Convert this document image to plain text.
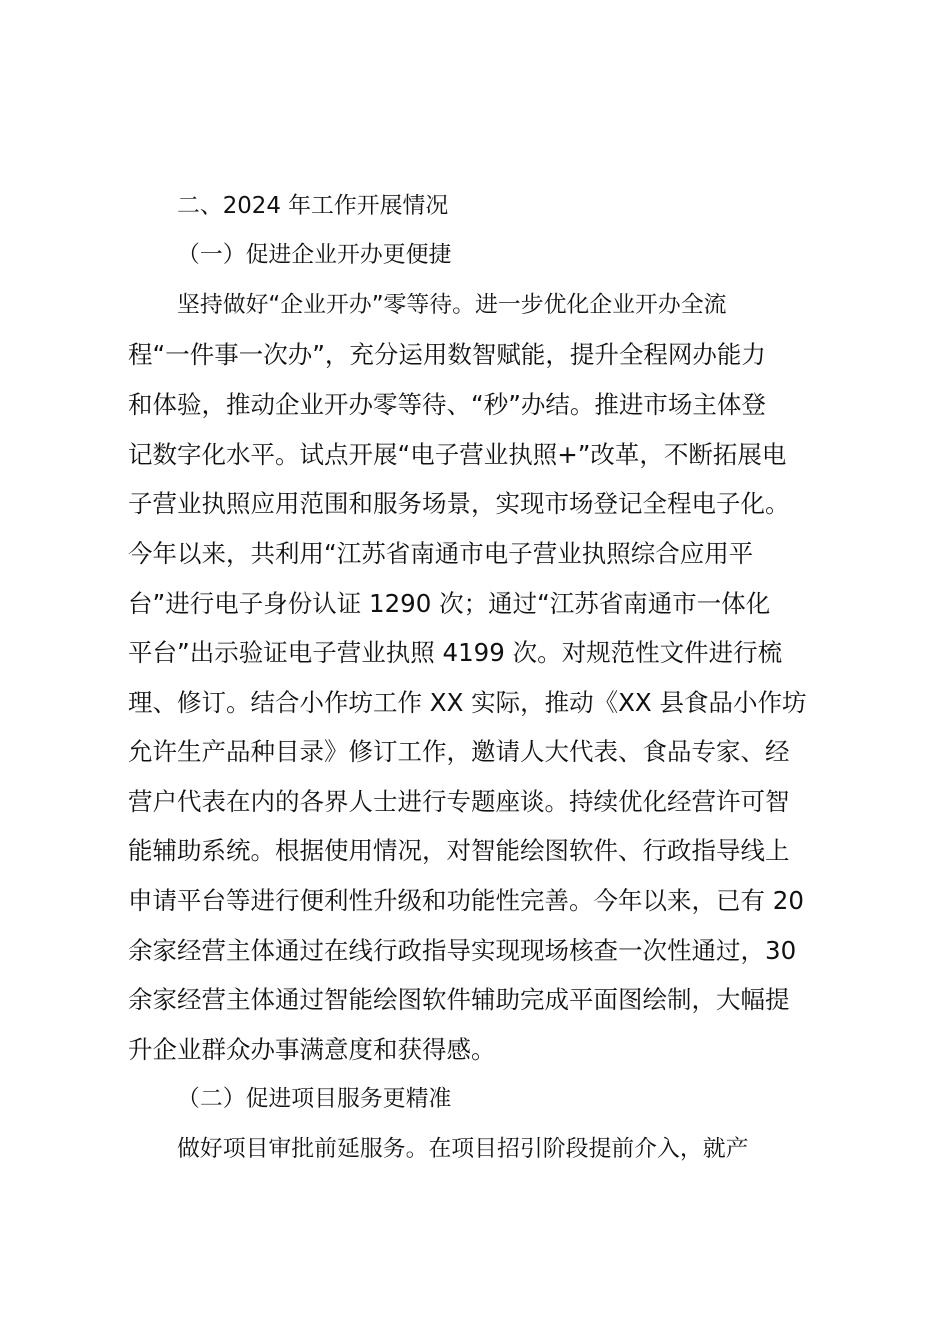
二、2024 年工作开展情况
（一）促进企业开办更便捷
坚持做好“企业开办”零等待。进一步优化企业开办全流
程“一件事一次办”，充分运用数智赋能，提升全程网办能力
和体验，推动企业开办零等待、“秒”办结。推进市场主体登
记数字化水平。试点开展“电子营业执照+”改革，不断拓展电
子营业执照应用范围和服务场景，实现市场登记全程电子化。
今年以来，共利用“江苏省南通市电子营业执照综合应用平
台”进行电子身份认证 1290 次；通过“江苏省南通市一体化
平台”出示验证电子营业执照 4199 次。对规范性文件进行梳
理、修订。结合小作坊工作 XX 实际，推动《XX 县食品小作坊
允许生产品种目录》修订工作，邀请人大代表、食品专家、经
营户代表在内的各界人士进行专题座谈。持续优化经营许可智
能辅助系统。根据使用情况，对智能绘图软件、行政指导线上
申请平台等进行便利性升级和功能性完善。今年以来，已有 20
余家经营主体通过在线行政指导实现现场核查一次性通过，30
余家经营主体通过智能绘图软件辅助完成平面图绘制，大幅提
升企业群众办事满意度和获得感。
（二）促进项目服务更精准
做好项目审批前延服务。在项目招引阶段提前介入，就产
